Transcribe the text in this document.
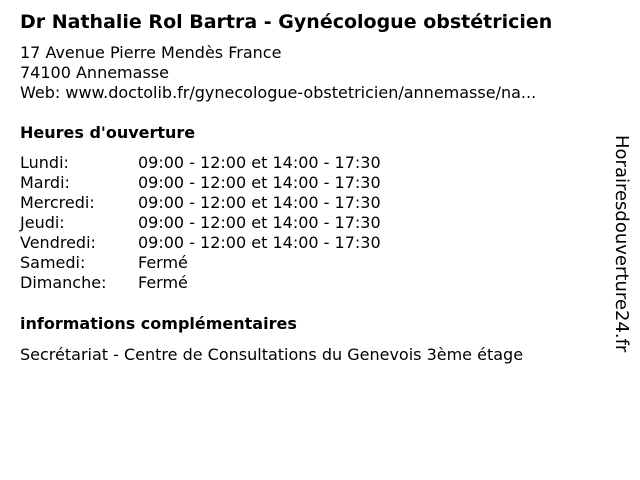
Dr Nathalie Rol Bartra - Gynécologue obstétricien
17 Avenue Pierre Mendès France
74100 Annemasse
Web: www.doctolib.fr/gynecologue-obstetricien/annemasse/na...
Heures d'ouverture
Lundi:	09:00 - 12:00 et 14:00 - 17:30
Mardi:	09:00 - 12:00 et 14:00 - 17:30
Mercredi:	09:00 - 12:00 et 14:00 - 17:30
Jeudi:	09:00 - 12:00 et 14:00 - 17:30
Vendredi:	09:00 - 12:00 et 14:00 - 17:30
Samedi:	Fermé
Dimanche:	Fermé
informations complémentaires
Secrétariat - Centre de Consultations du Genevois 3ème étage
Horairesdouverture24.fr
